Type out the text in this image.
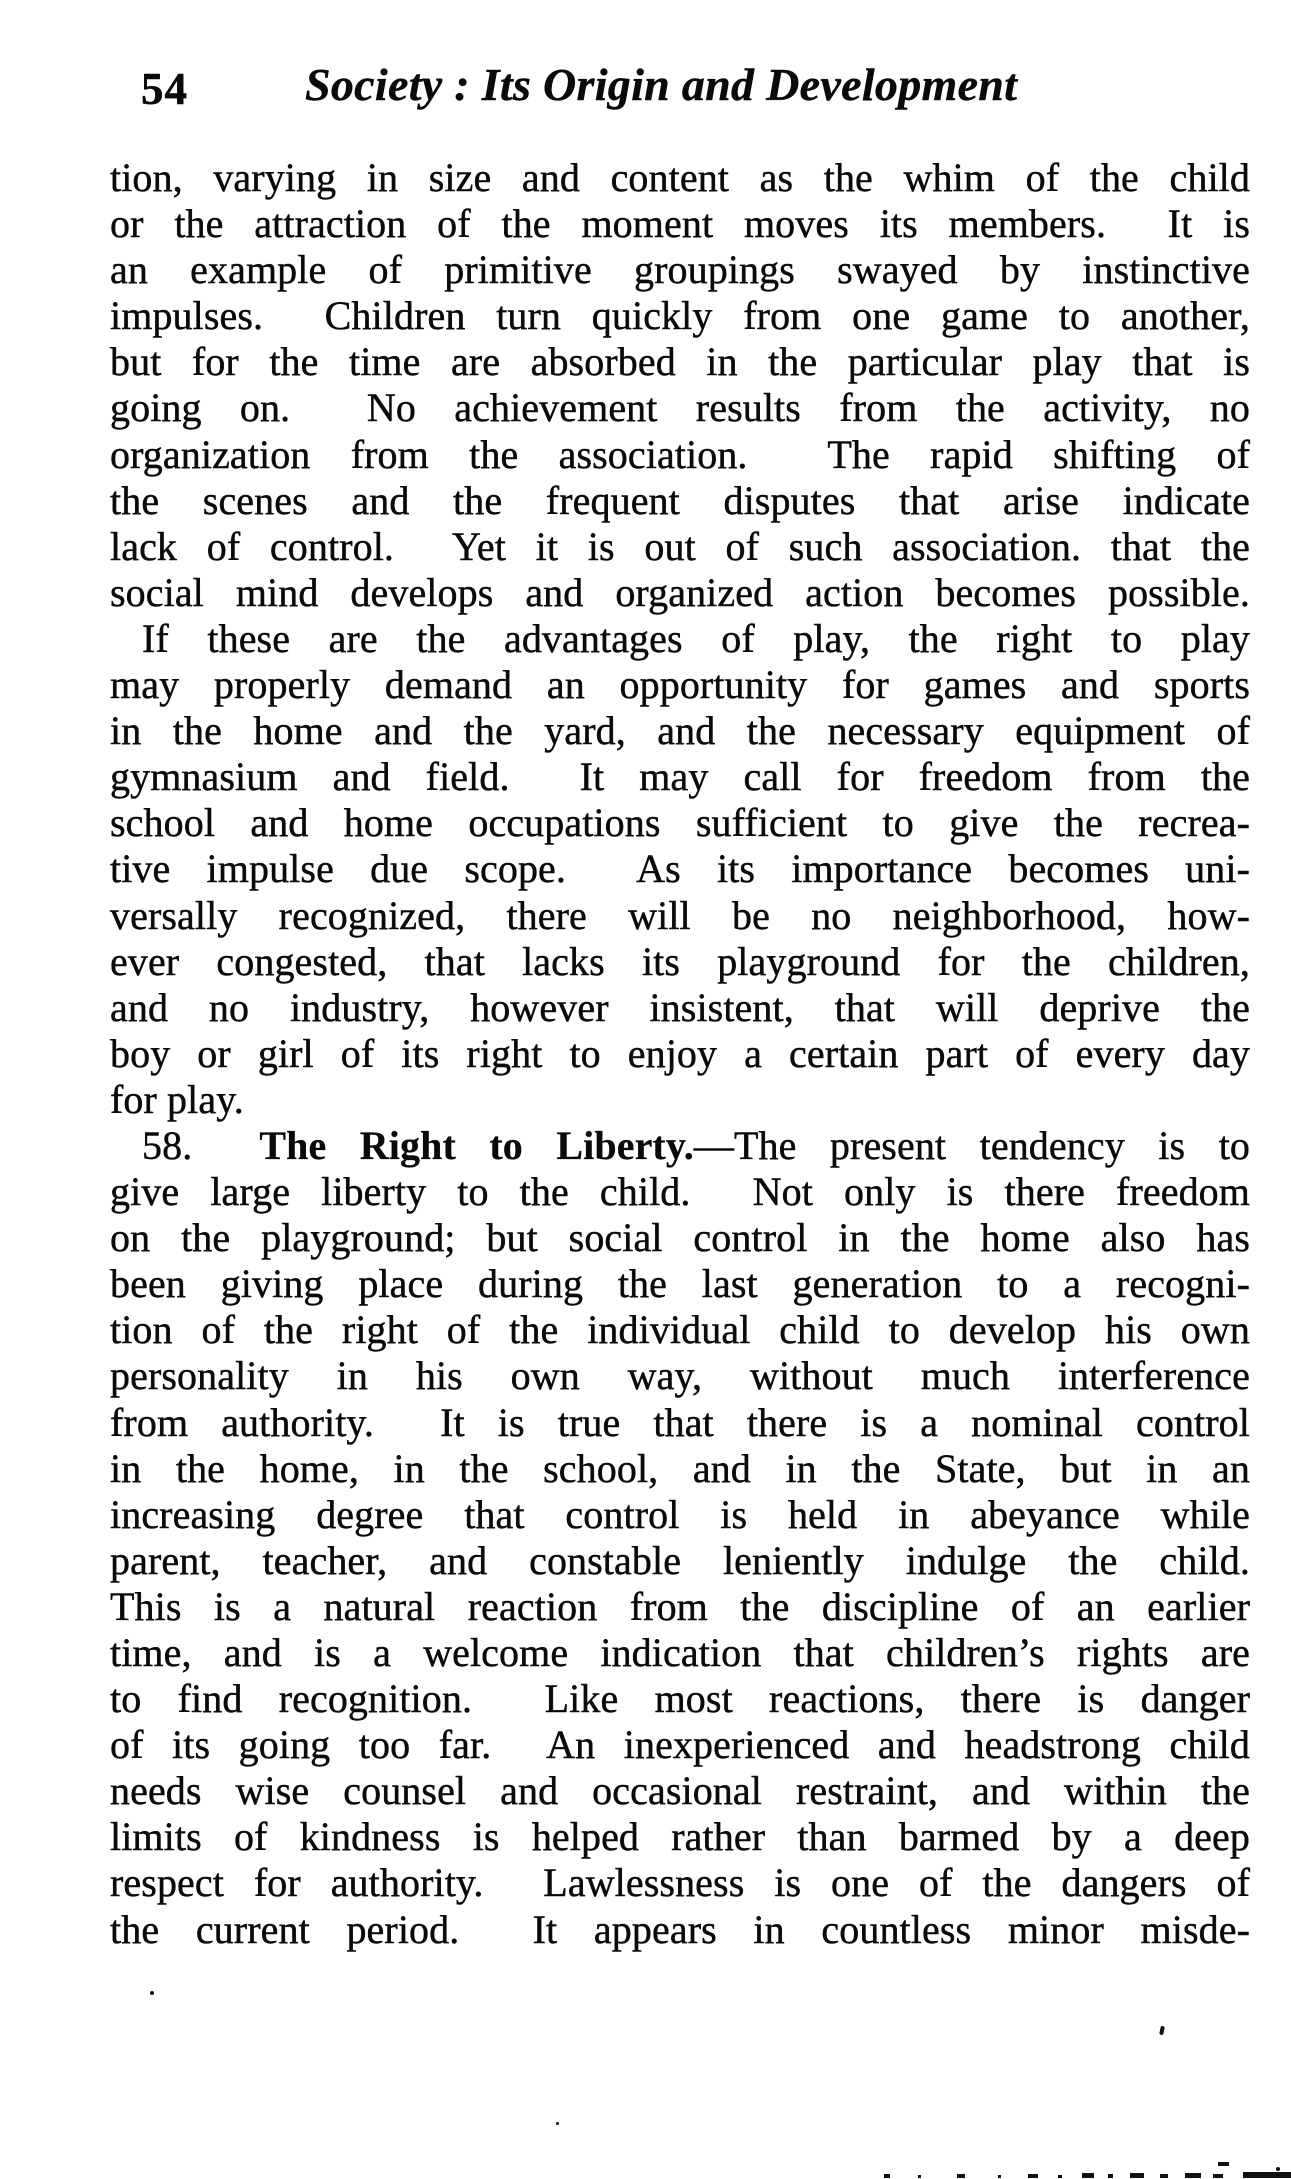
54	Society : Its Origin and Development
tion, varying in size and content as the whim of the child
or the attraction of the moment moves its members.  It is
an example of primitive groupings swayed by instinctive
impulses.  Children turn quickly from one game to another,
but for the time are absorbed in the particular play that is
going on.  No achievement results from the activity, no
organization from the association.  The rapid shifting of
the scenes and the frequent disputes that arise indicate
lack of control.  Yet it is out of such association. that the
social mind develops and organized action becomes possible.
If these are the advantages of play, the right to play
may properly demand an opportunity for games and sports
in the home and the yard, and the necessary equipment of
gymnasium and field.  It may call for freedom from the
school and home occupations sufficient to give the recrea-
tive impulse due scope.  As its importance becomes uni-
versally recognized, there will be no neighborhood, how-
ever congested, that lacks its playground for the children,
and no industry, however insistent, that will deprive the
boy or girl of its right to enjoy a certain part of every day
for play.
58.  The Right to Liberty.—The present tendency is to
give large liberty to the child.  Not only is there freedom
on the playground; but social control in the home also has
been giving place during the last generation to a recogni-
tion of the right of the individual child to develop his own
personality in his own way, without much interference
from authority.  It is true that there is a nominal control
in the home, in the school, and in the State, but in an
increasing degree that control is held in abeyance while
parent, teacher, and constable leniently indulge the child.
This is a natural reaction from the discipline of an earlier
time, and is a welcome indication that children’s rights are
to find recognition.  Like most reactions, there is danger
of its going too far.  An inexperienced and headstrong child
needs wise counsel and occasional restraint, and within the
limits of kindness is helped rather than barmed by a deep
respect for authority.  Lawlessness is one of the dangers of
the current period.  It appears in countless minor misde-
